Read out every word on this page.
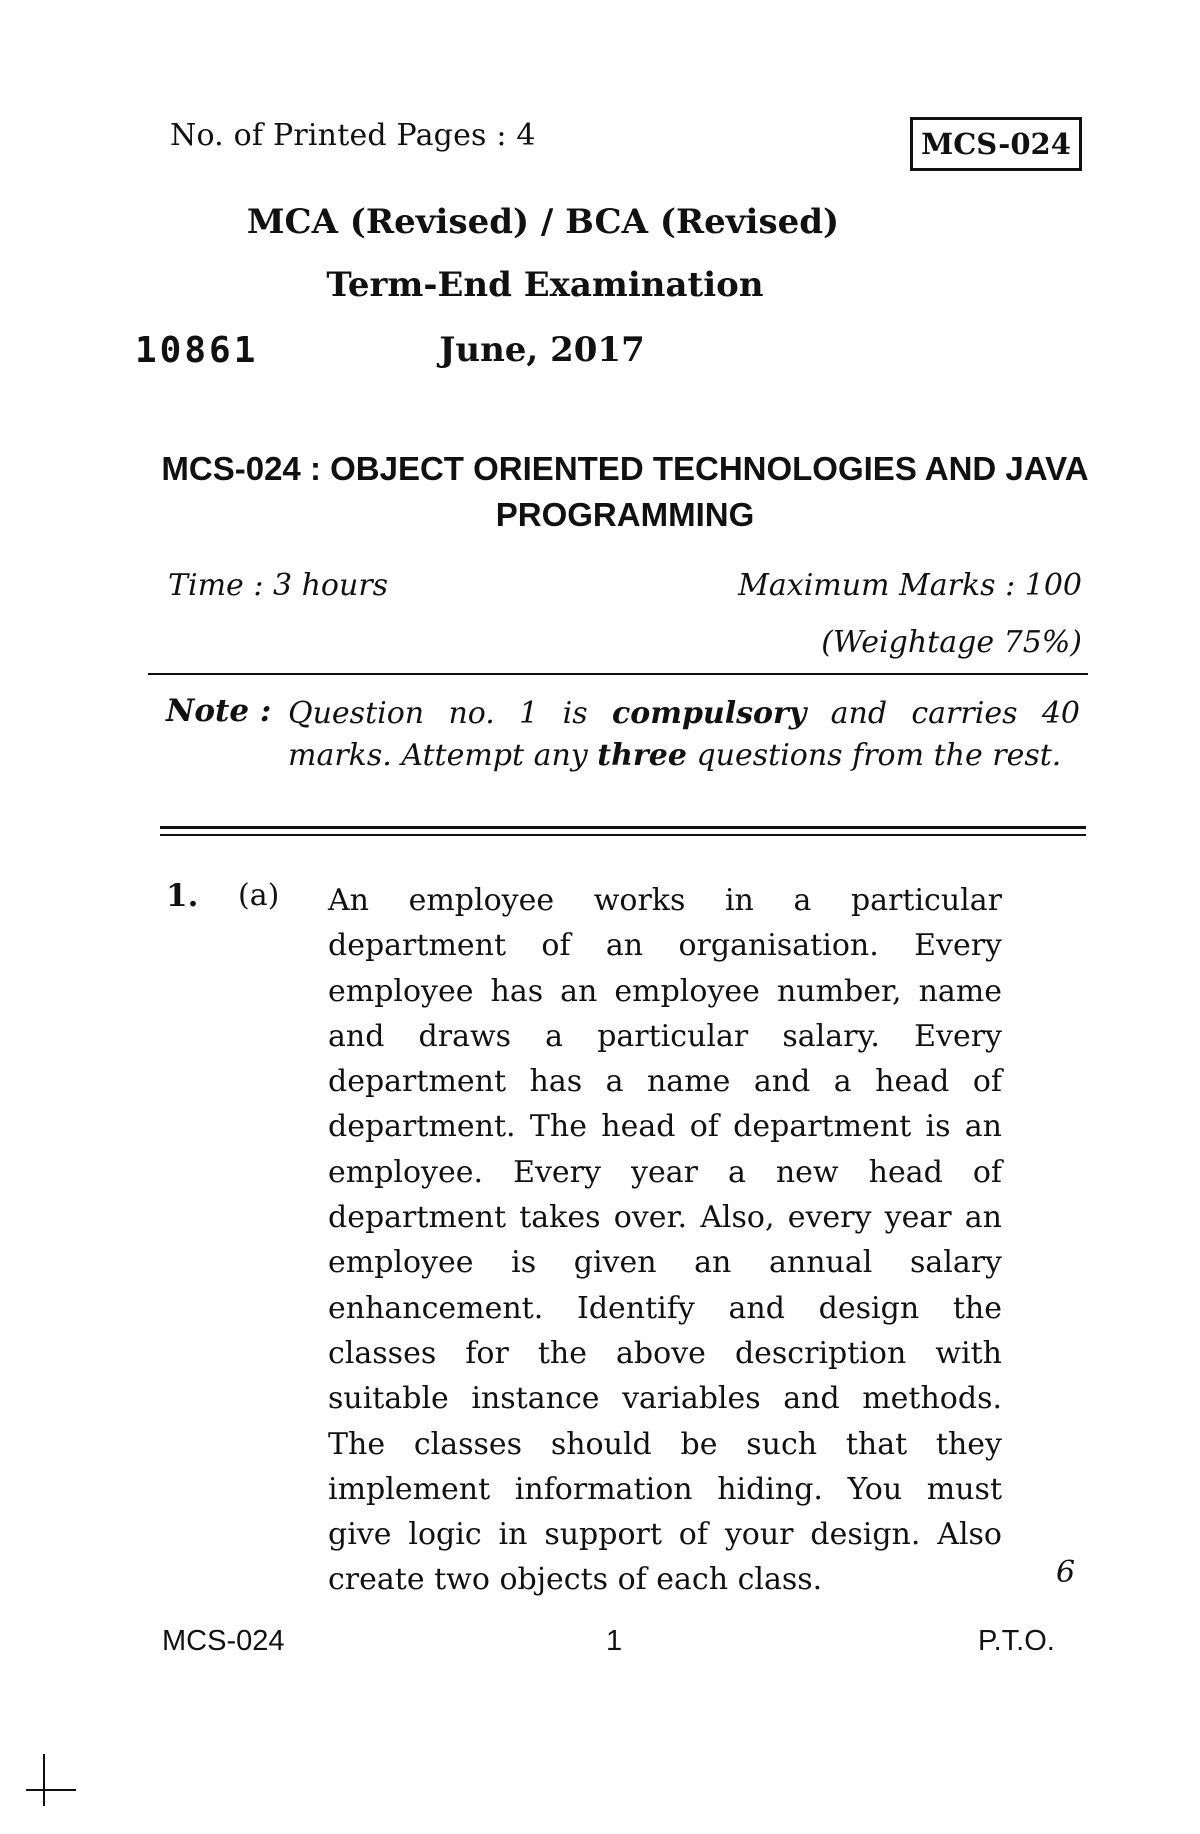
No. of Printed Pages : 4	MCS-024
MCA (Revised) / BCA (Revised)
Term-End Examination
10861	June, 2017
MCS-024 : OBJECT ORIENTED TECHNOLOGIES AND JAVA PROGRAMMING
Time : 3 hours	Maximum Marks : 100
(Weightage 75%)
Note : Question no. 1 is compulsory and carries 40 marks. Attempt any three questions from the rest.
1. (a) An employee works in a particular department of an organisation. Every employee has an employee number, name and draws a particular salary. Every department has a name and a head of department. The head of department is an employee. Every year a new head of department takes over. Also, every year an employee is given an annual salary enhancement. Identify and design the classes for the above description with suitable instance variables and methods. The classes should be such that they implement information hiding. You must give logic in support of your design. Also create two objects of each class.	6
MCS-024	1	P.T.O.
